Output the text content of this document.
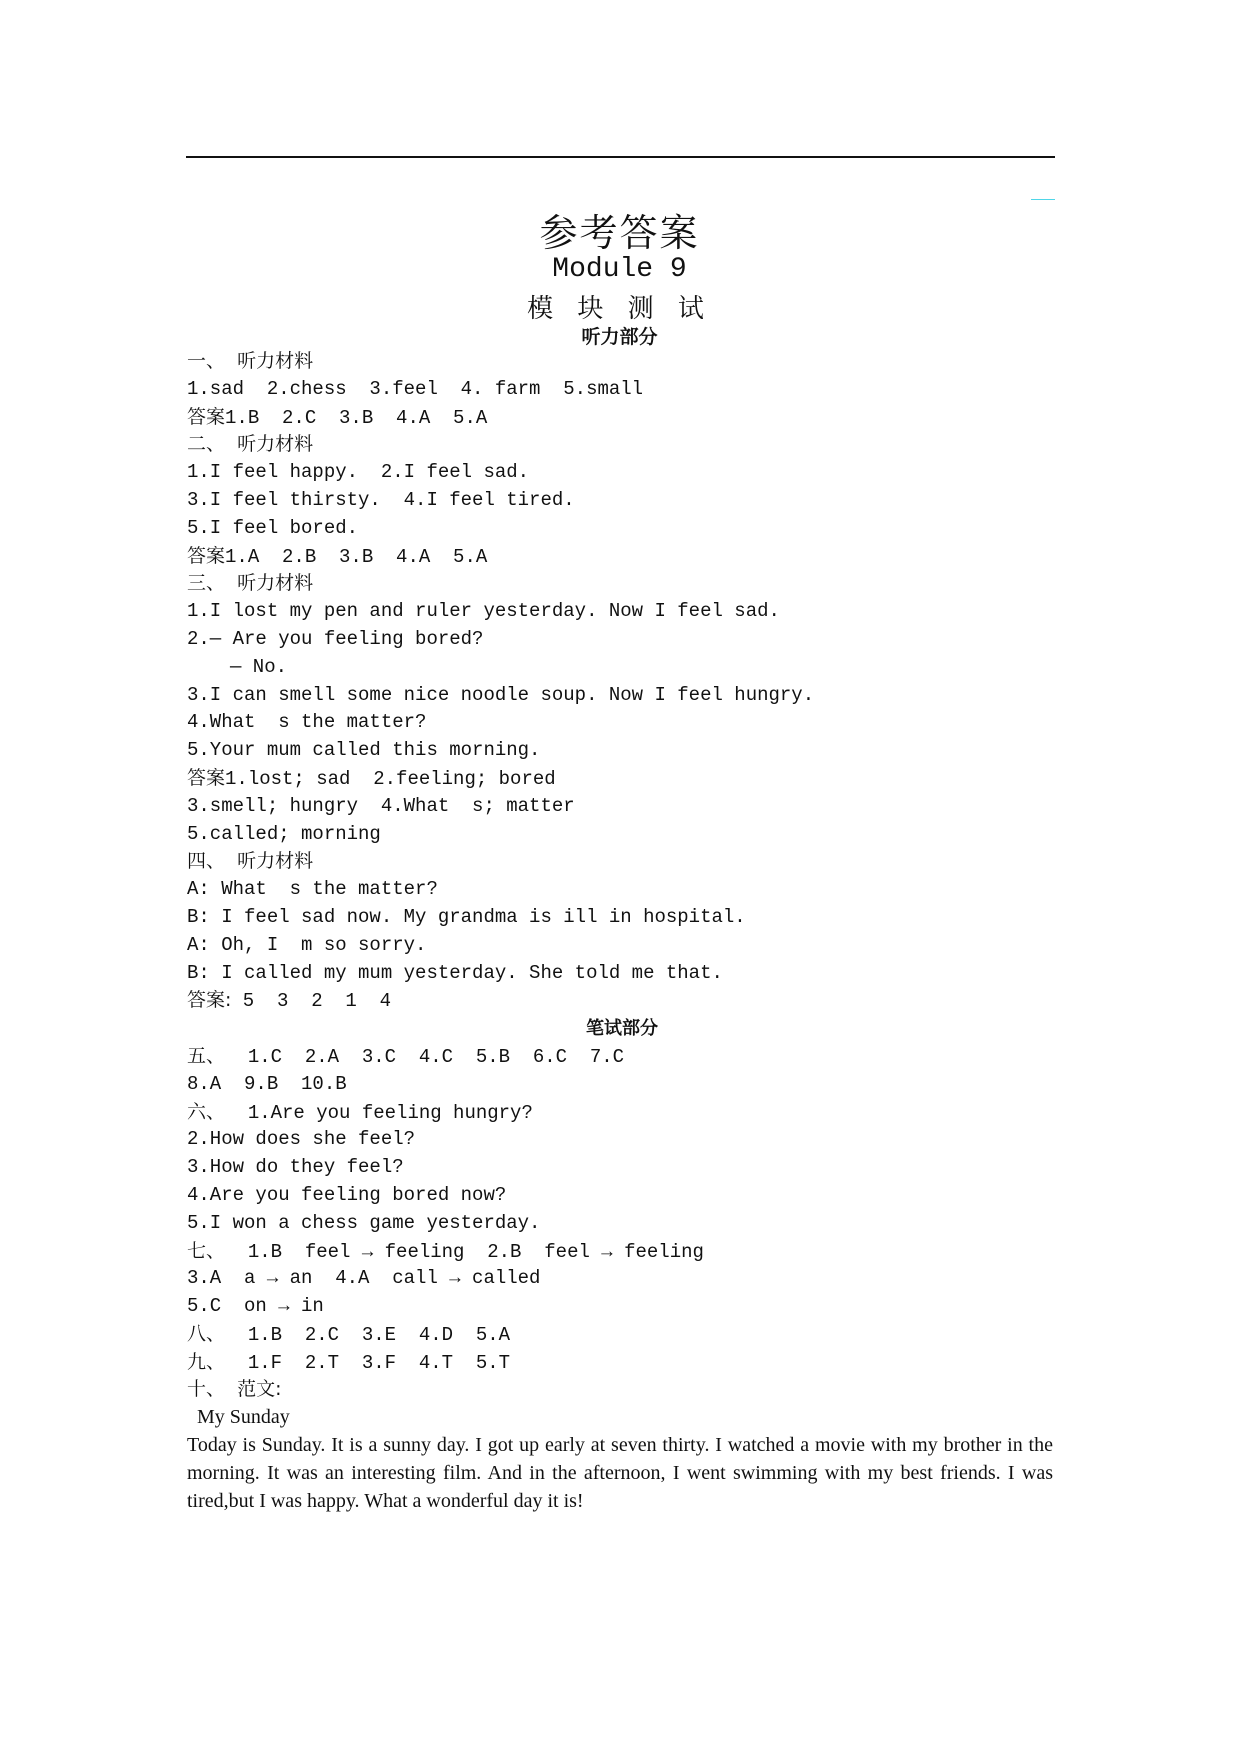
参考答案
Module 9
模 块 测 试
听力部分
一、 听力材料
1.sad  2.chess  3.feel  4. farm  5.small
答案1.B  2.C  3.B  4.A  5.A
二、 听力材料
1.I feel happy.  2.I feel sad.
3.I feel thirsty.  4.I feel tired.
5.I feel bored.
答案1.A  2.B  3.B  4.A  5.A
三、 听力材料
1.I lost my pen and ruler yesterday. Now I feel sad.
2.— Are you feeling bored?
— No.
3.I can smell some nice noodle soup. Now I feel hungry.
4.What  s the matter?
5.Your mum called this morning.
答案1.lost; sad  2.feeling; bored
3.smell; hungry  4.What  s; matter
5.called; morning
四、 听力材料
A: What  s the matter?
B: I feel sad now. My grandma is ill in hospital.
A: Oh, I  m so sorry.
B: I called my mum yesterday. She told me that.
答案: 5  3  2  1  4
笔试部分
五、  1.C  2.A  3.C  4.C  5.B  6.C  7.C
8.A  9.B  10.B
六、  1.Are you feeling hungry?
2.How does she feel?
3.How do they feel?
4.Are you feeling bored now?
5.I won a chess game yesterday.
七、  1.B  feel → feeling  2.B  feel → feeling
3.A  a → an  4.A  call → called
5.C  on → in
八、  1.B  2.C  3.E  4.D  5.A
九、  1.F  2.T  3.F  4.T  5.T
十、  范文:
My Sunday
Today is Sunday. It is a sunny day. I got up early at seven thirty. I watched a movie with my brother in the morning. It was an interesting film. And in the afternoon, I went swimming with my best friends. I was tired,but I was happy. What a wonderful day it is!
